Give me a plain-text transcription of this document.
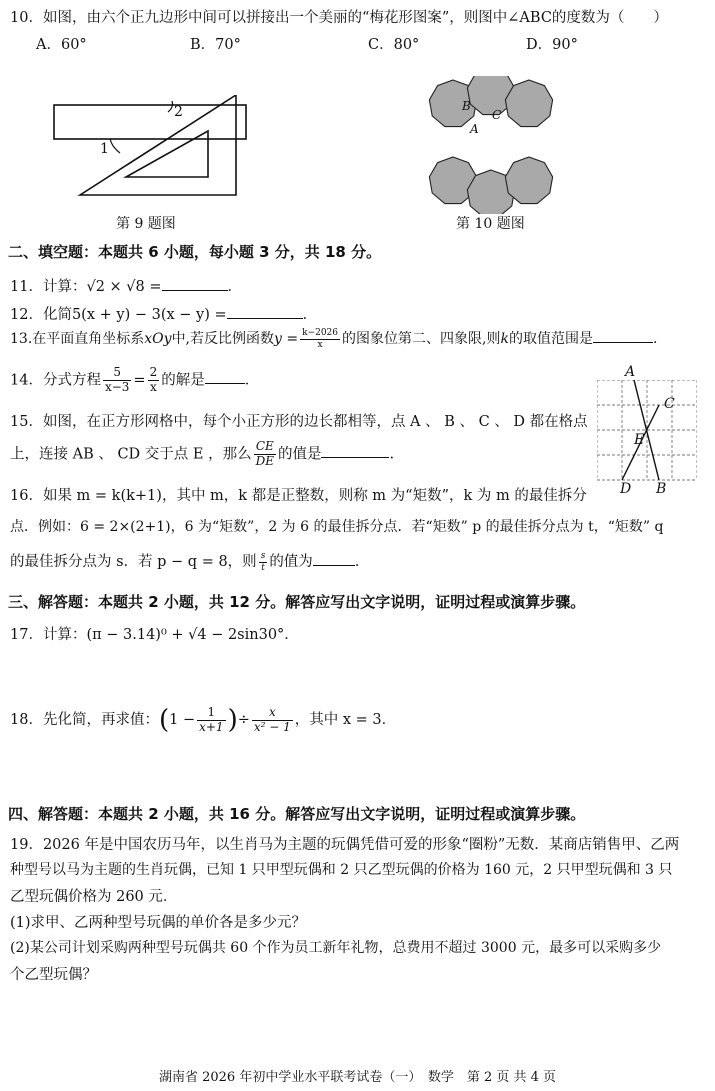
10．如图，由六个正九边形中间可以拼接出一个美丽的“梅花形图案”，则图中∠ABC的度数为（　　）
A．60°	B．70°	C．80°	D．90°
2
1
第 9 题图
B
C
A
第 10 题图
二、填空题：本题共 6 小题，每小题 3 分，共 18 分。
11．计算：√2 × √8 =	．
12．化简5(x + y) − 3(x − y) =	．
13.在平面直角坐标系xOy中,若反比例函数$y = \frac{k-2026}{x}$ 的图象位第二、四象限,则k的取值范围是	.
14．分式方程 $\frac{5}{x-3} = \frac{2}{x}$ 的解是	．
15．如图，在正方形网格中，每个小正方形的边长都相等，点 A 、 B 、 C 、 D 都在格点
上，连接 AB 、 CD 交于点 E ，那么 $\frac{CE}{DE}$ 的值是	.
A
C
E
D B
16．如果 m = k(k+1)，其中 m，k 都是正整数，则称 m 为“矩数”，k 为 m 的最佳拆分
点．例如：6 = 2×(2+1)，6 为“矩数”，2 为 6 的最佳拆分点．若“矩数” p 的最佳拆分点为 t，“矩数” q
的最佳拆分点为 s．若 p − q = 8，则 $\frac{s}{t}$ 的值为	．
三、解答题：本题共 2 小题，共 12 分。解答应写出文字说明，证明过程或演算步骤。
17．计算：(π − 3.14)⁰ + √4 − 2sin30°．
18．先化简，再求值：($1 - \frac{1}{x+1}$ )÷ $\frac{x}{\text{x² − 1}}$ ，其中 x = 3．
四、解答题：本题共 2 小题，共 16 分。解答应写出文字说明，证明过程或演算步骤。
19．2026 年是中国农历马年，以生肖马为主题的玩偶凭借可爱的形象“圈粉”无数．某商店销售甲、乙两
种型号以马为主题的生肖玩偶，已知 1 只甲型玩偶和 2 只乙型玩偶的价格为 160 元，2 只甲型玩偶和 3 只
乙型玩偶价格为 260 元．
(1)求甲、乙两种型号玩偶的单价各是多少元？
(2)某公司计划采购两种型号玩偶共 60 个作为员工新年礼物，总费用不超过 3000 元，最多可以采购多少
个乙型玩偶？
湖南省 2026 年初中学业水平联考试卷（一）　数学　第 2 页 共 4 页
